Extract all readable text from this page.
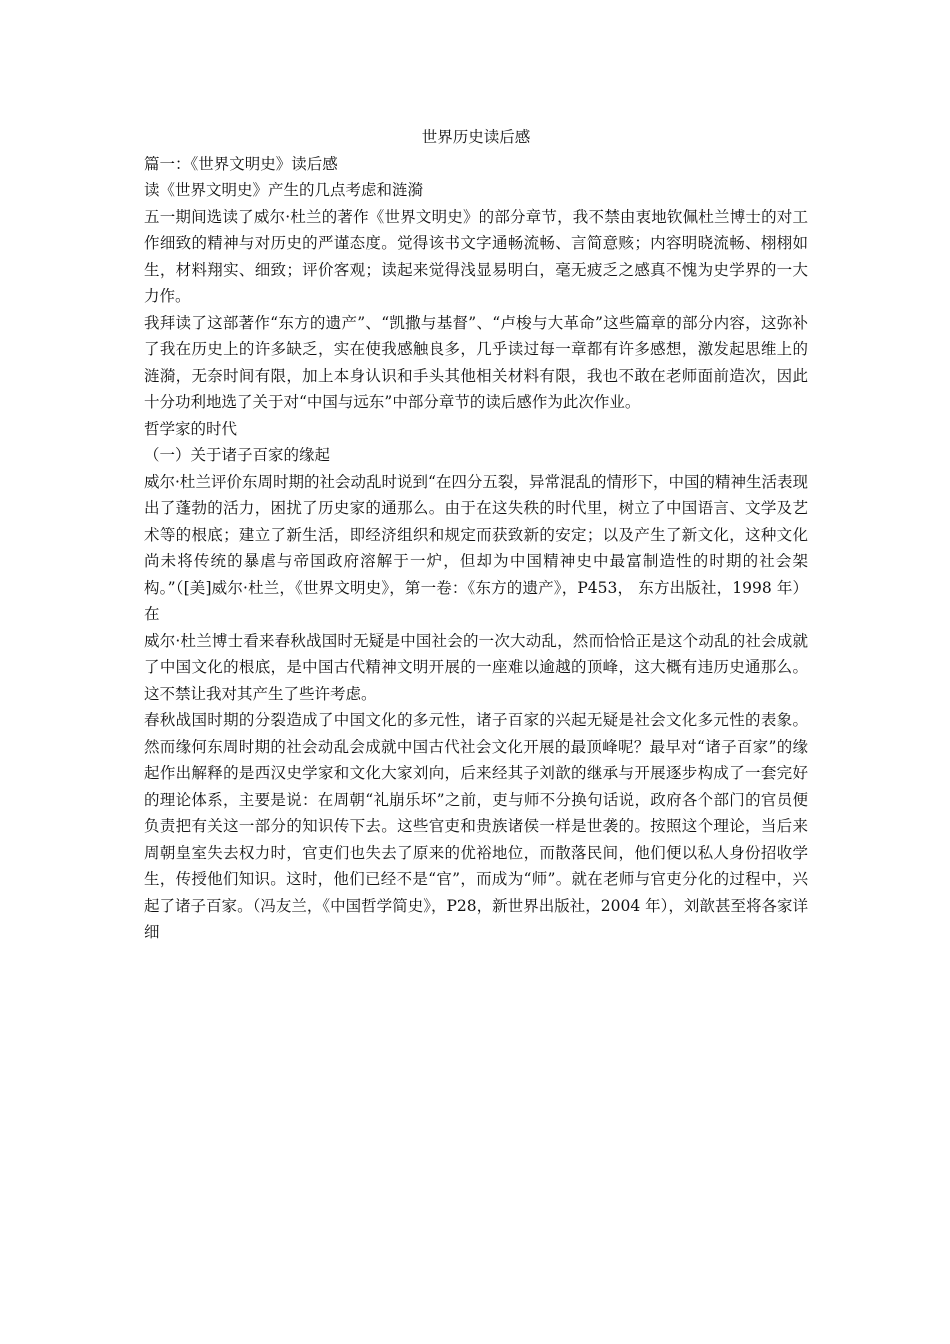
世界历史读后感

篇一：《世界文明史》读后感

读《世界文明史》产生的几点考虑和涟漪

五一期间选读了威尔·杜兰的著作《世界文明史》的部分章节，我不禁由衷地钦佩杜兰博士的对工作细致的精神与对历史的严谨态度。觉得该书文字通畅流畅、言简意赅；内容明晓流畅、栩栩如生，材料翔实、细致；评价客观；读起来觉得浅显易明白，毫无疲乏之感真不愧为史学界的一大力作。

我拜读了这部著作“东方的遗产”、“凯撒与基督”、“卢梭与大革命”这些篇章的部分内容，这弥补了我在历史上的许多缺乏，实在使我感触良多，几乎读过每一章都有许多感想，激发起思维上的涟漪，无奈时间有限，加上本身认识和手头其他相关材料有限，我也不敢在老师面前造次，因此十分功利地选了关于对“中国与远东”中部分章节的读后感作为此次作业。

哲学家的时代

（一）关于诸子百家的缘起

威尔·杜兰评价东周时期的社会动乱时说到“在四分五裂，异常混乱的情形下，中国的精神生活表现出了蓬勃的活力，困扰了历史家的通那么。由于在这失秩的时代里，树立了中国语言、文学及艺术等的根底；建立了新生活，即经济组织和规定而获致新的安定；以及产生了新文化，这种文化尚未将传统的暴虐与帝国政府溶解于一炉，但却为中国精神史中最富制造性的时期的社会架构。”（[美]威尔·杜兰，《世界文明史》，第一卷：《东方的遗产》，P453， 东方出版社，1998 年）在

威尔·杜兰博士看来春秋战国时无疑是中国社会的一次大动乱，然而恰恰正是这个动乱的社会成就了中国文化的根底，是中国古代精神文明开展的一座难以逾越的顶峰，这大概有违历史通那么。这不禁让我对其产生了些许考虑。

春秋战国时期的分裂造成了中国文化的多元性，诸子百家的兴起无疑是社会文化多元性的表象。然而缘何东周时期的社会动乱会成就中国古代社会文化开展的最顶峰呢？最早对“诸子百家”的缘起作出解释的是西汉史学家和文化大家刘向，后来经其子刘歆的继承与开展逐步构成了一套完好的理论体系，主要是说：在周朝“礼崩乐坏”之前，吏与师不分换句话说，政府各个部门的官员便负责把有关这一部分的知识传下去。这些官吏和贵族诸侯一样是世袭的。按照这个理论，当后来周朝皇室失去权力时，官吏们也失去了原来的优裕地位，而散落民间，他们便以私人身份招收学生，传授他们知识。这时，他们已经不是“官”，而成为“师”。就在老师与官吏分化的过程中，兴起了诸子百家。（冯友兰，《中国哲学简史》，P28，新世界出版社，2004 年），刘歆甚至将各家详细
